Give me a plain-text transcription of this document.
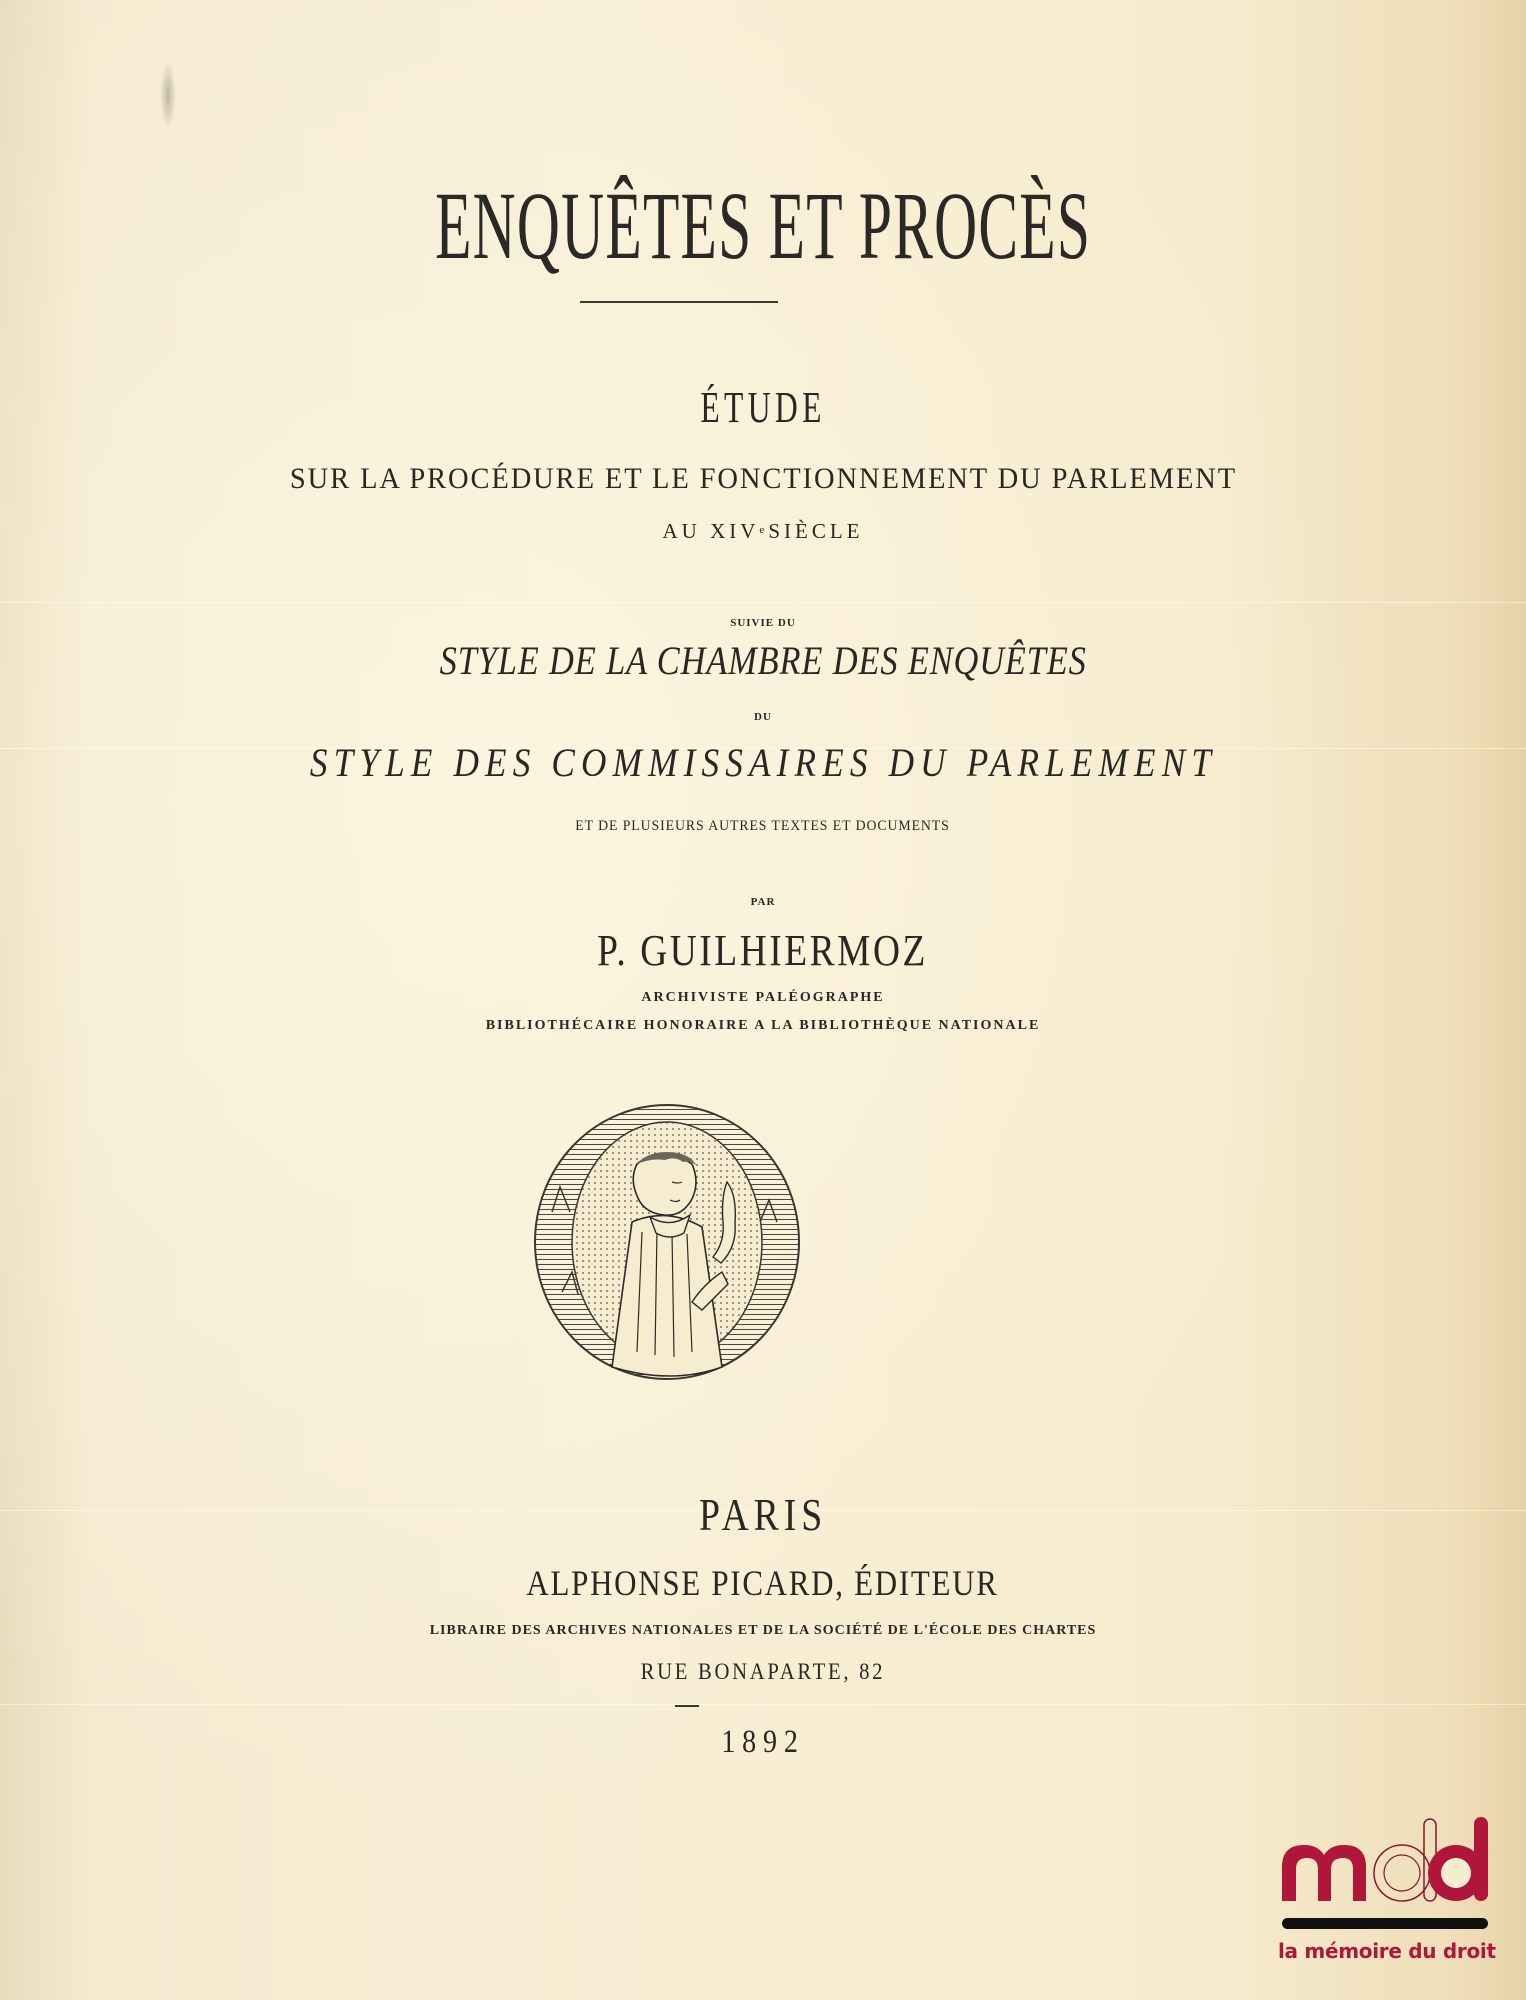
ENQUÊTES ET PROCÈS
ÉTUDE
SUR LA PROCÉDURE ET LE FONCTIONNEMENT DU PARLEMENT
AU XIVe SIÈCLE
SUIVIE DU
STYLE DE LA CHAMBRE DES ENQUÊTES
DU
STYLE DES COMMISSAIRES DU PARLEMENT
ET DE PLUSIEURS AUTRES TEXTES ET DOCUMENTS
PAR
P. GUILHIERMOZ
ARCHIVISTE PALÉOGRAPHE
BIBLIOTHÉCAIRE HONORAIRE A LA BIBLIOTHÈQUE NATIONALE
PARIS
ALPHONSE PICARD, ÉDITEUR
LIBRAIRE DES ARCHIVES NATIONALES ET DE LA SOCIÉTÉ DE L'ÉCOLE DES CHARTES
RUE BONAPARTE, 82
1892
la mémoire du droit
